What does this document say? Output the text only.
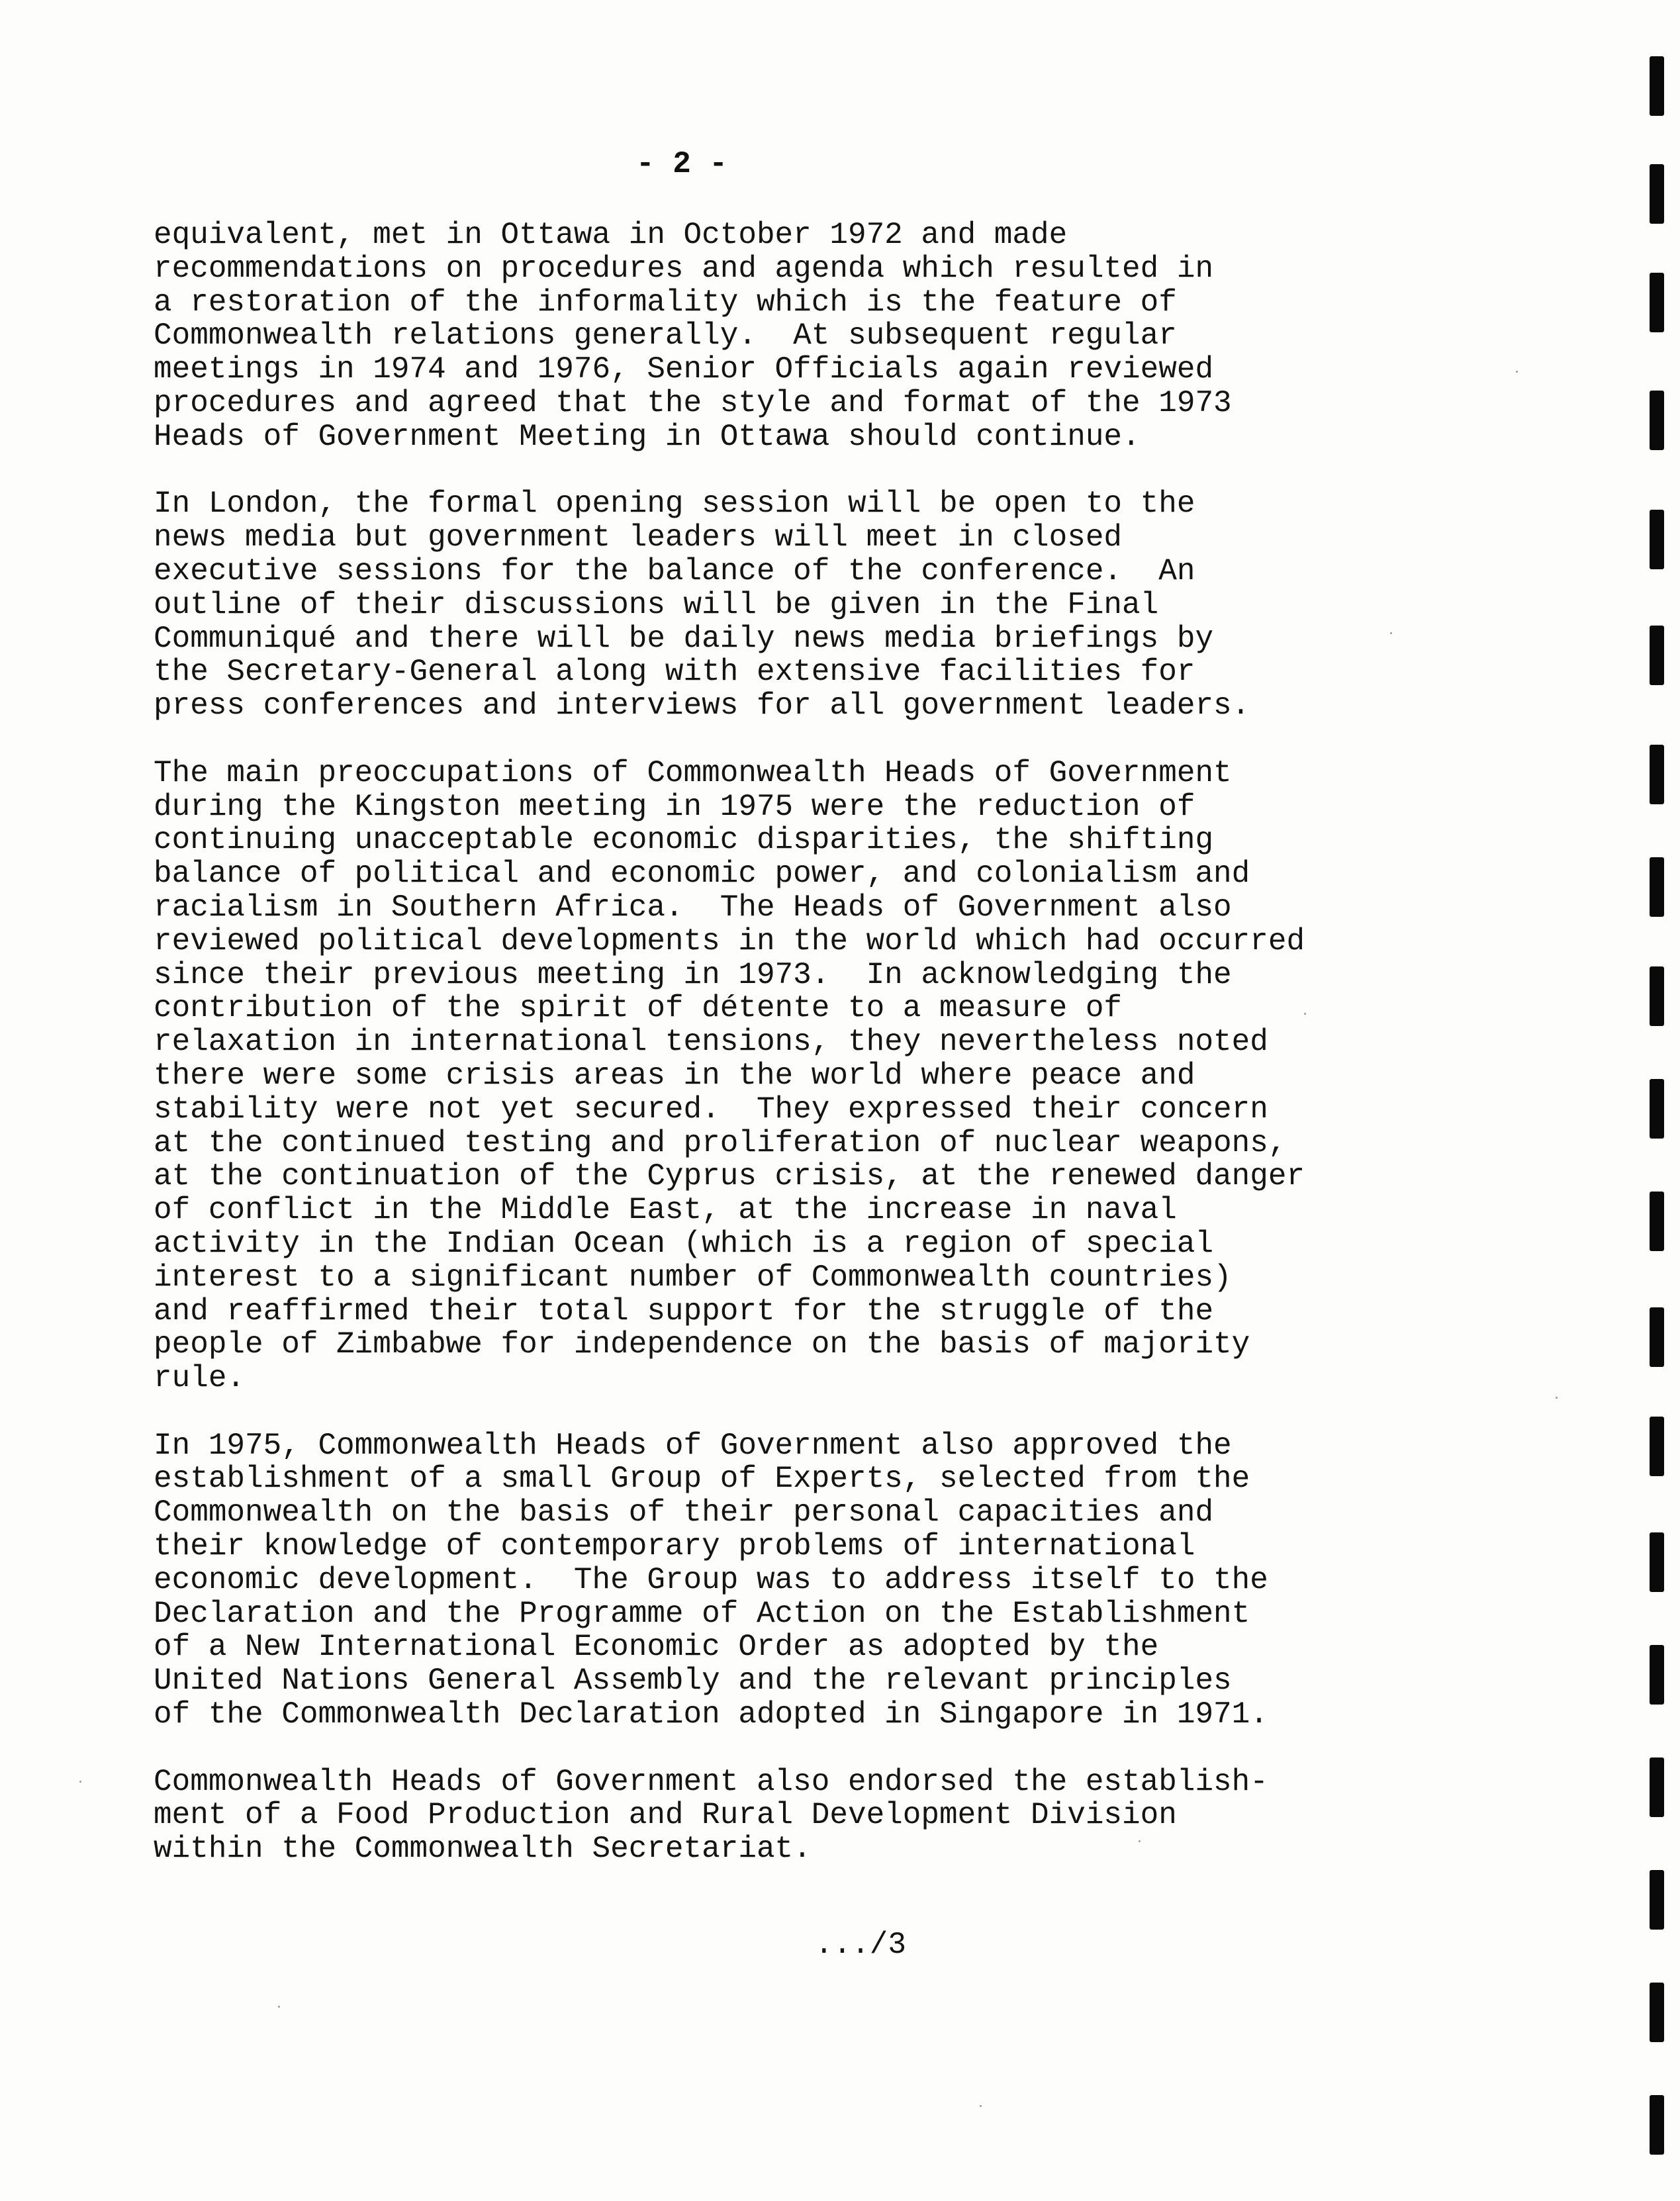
- 2 -
equivalent, met in Ottawa in October 1972 and made
recommendations on procedures and agenda which resulted in
a restoration of the informality which is the feature of
Commonwealth relations generally.  At subsequent regular
meetings in 1974 and 1976, Senior Officials again reviewed
procedures and agreed that the style and format of the 1973
Heads of Government Meeting in Ottawa should continue.
In London, the formal opening session will be open to the
news media but government leaders will meet in closed
executive sessions for the balance of the conference.  An
outline of their discussions will be given in the Final
Communiqué and there will be daily news media briefings by
the Secretary-General along with extensive facilities for
press conferences and interviews for all government leaders.
The main preoccupations of Commonwealth Heads of Government
during the Kingston meeting in 1975 were the reduction of
continuing unacceptable economic disparities, the shifting
balance of political and economic power, and colonialism and
racialism in Southern Africa.  The Heads of Government also
reviewed political developments in the world which had occurred
since their previous meeting in 1973.  In acknowledging the
contribution of the spirit of détente to a measure of
relaxation in international tensions, they nevertheless noted
there were some crisis areas in the world where peace and
stability were not yet secured.  They expressed their concern
at the continued testing and proliferation of nuclear weapons,
at the continuation of the Cyprus crisis, at the renewed danger
of conflict in the Middle East, at the increase in naval
activity in the Indian Ocean (which is a region of special
interest to a significant number of Commonwealth countries)
and reaffirmed their total support for the struggle of the
people of Zimbabwe for independence on the basis of majority
rule.
In 1975, Commonwealth Heads of Government also approved the
establishment of a small Group of Experts, selected from the
Commonwealth on the basis of their personal capacities and
their knowledge of contemporary problems of international
economic development.  The Group was to address itself to the
Declaration and the Programme of Action on the Establishment
of a New International Economic Order as adopted by the
United Nations General Assembly and the relevant principles
of the Commonwealth Declaration adopted in Singapore in 1971.
Commonwealth Heads of Government also endorsed the establish-
ment of a Food Production and Rural Development Division
within the Commonwealth Secretariat.
.../3
